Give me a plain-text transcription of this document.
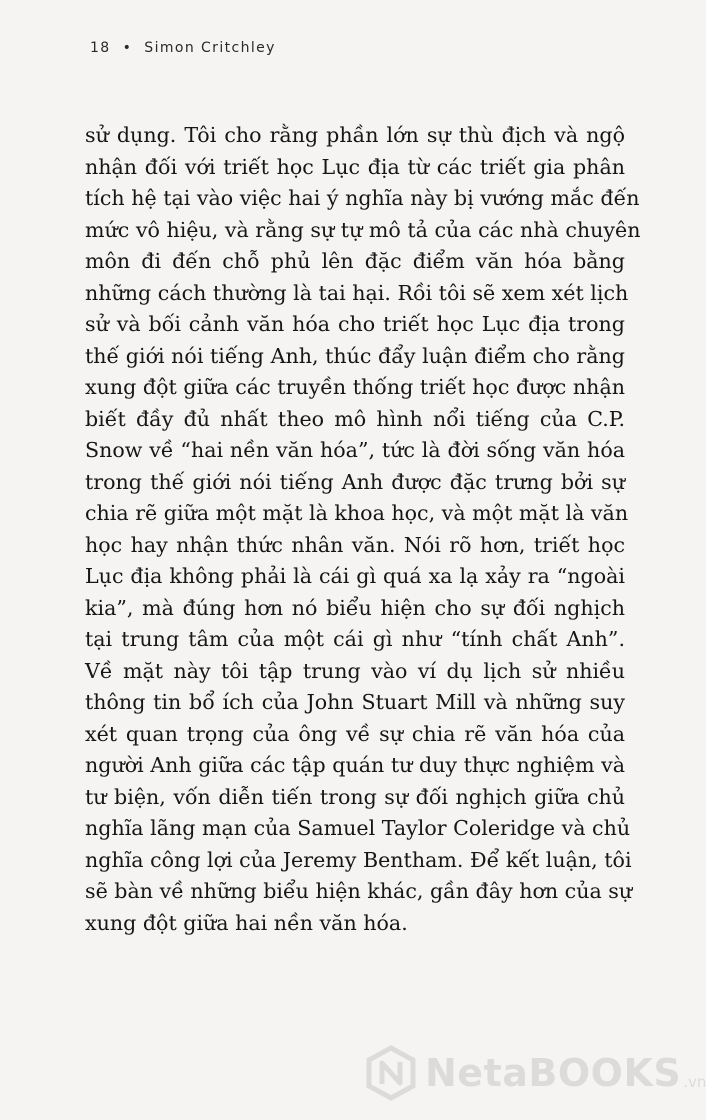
18 • Simon Critchley
sử dụng. Tôi cho rằng phần lớn sự thù địch và ngộ
nhận đối với triết học Lục địa từ các triết gia phân
tích hệ tại vào việc hai ý nghĩa này bị vướng mắc đến
mức vô hiệu, và rằng sự tự mô tả của các nhà chuyên
môn đi đến chỗ phủ lên đặc điểm văn hóa bằng
những cách thường là tai hại. Rồi tôi sẽ xem xét lịch
sử và bối cảnh văn hóa cho triết học Lục địa trong
thế giới nói tiếng Anh, thúc đẩy luận điểm cho rằng
xung đột giữa các truyền thống triết học được nhận
biết đầy đủ nhất theo mô hình nổi tiếng của C.P.
Snow về “hai nền văn hóa”, tức là đời sống văn hóa
trong thế giới nói tiếng Anh được đặc trưng bởi sự
chia rẽ giữa một mặt là khoa học, và một mặt là văn
học hay nhận thức nhân văn. Nói rõ hơn, triết học
Lục địa không phải là cái gì quá xa lạ xảy ra “ngoài
kia”, mà đúng hơn nó biểu hiện cho sự đối nghịch
tại trung tâm của một cái gì như “tính chất Anh”.
Về mặt này tôi tập trung vào ví dụ lịch sử nhiều
thông tin bổ ích của John Stuart Mill và những suy
xét quan trọng của ông về sự chia rẽ văn hóa của
người Anh giữa các tập quán tư duy thực nghiệm và
tư biện, vốn diễn tiến trong sự đối nghịch giữa chủ
nghĩa lãng mạn của Samuel Taylor Coleridge và chủ
nghĩa công lợi của Jeremy Bentham. Để kết luận, tôi
sẽ bàn về những biểu hiện khác, gần đây hơn của sự
xung đột giữa hai nền văn hóa.
NetaBOOKS .vn
